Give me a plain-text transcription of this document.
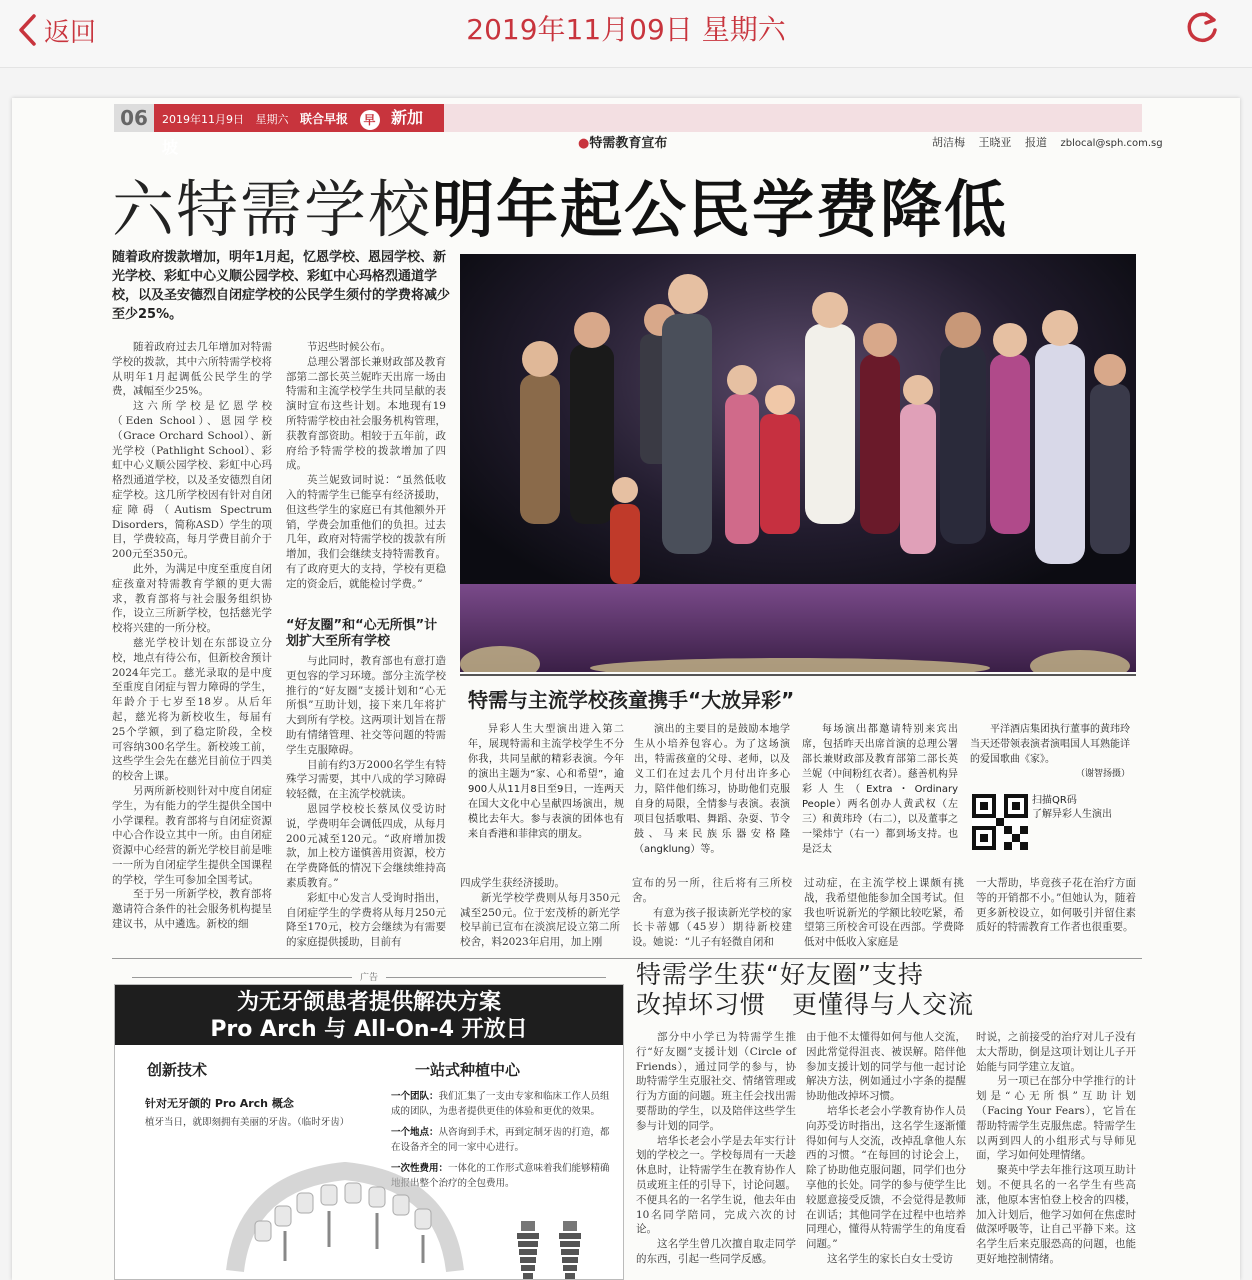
返回	2019年11月09日 星期六
06	2019年11月9日 星期六 联合早报 早 新加坡	●特需教育宣布	胡洁梅 王晓亚 报道 zblocal@sph.com.sg
六特需学校明年起公民学费降低
随着政府拨款增加，明年1月起，忆恩学校、恩园学校、新光学校、彩虹中心义顺公园学校、彩虹中心玛格烈通道学校，以及圣安德烈自闭症学校的公民学生须付的学费将减少至少25%。

随着政府过去几年增加对特需学校的拨款，其中六所特需学校将从明年1月起调低公民学生的学费，减幅至少25%。

这六所学校是忆恩学校（Eden School）、恩园学校（Grace Orchard School）、新光学校（Pathlight School）、彩虹中心义顺公园学校、彩虹中心玛格烈通道学校，以及圣安德烈自闭症学校。这几所学校因有针对自闭症障碍（Autism Spectrum Disorders，简称ASD）学生的项目，学费较高，每月学费目前介于200元至350元。

此外，为满足中度至重度自闭症孩童对特需教育学额的更大需求，教育部将与社会服务组织协作，设立三所新学校，包括慈光学校将兴建的一所分校。

慈光学校计划在东部设立分校，地点有待公布，但新校舍预计2024年完工。慈光录取的是中度至重度自闭症与智力障碍的学生，年龄介于七岁至18岁。从后年起，慈光将为新校收生，每届有25个学额，到了稳定阶段，全校可容纳300名学生。新校竣工前，这些学生会先在慈光目前位于四美的校舍上课。

另两所新校则针对中度自闭症学生，为有能力的学生提供全国中小学课程。教育部将与自闭症资源中心合作设立其中一所。由自闭症资源中心经营的新光学校目前是唯一一所为自闭症学生提供全国课程的学校，学生可参加全国考试。

至于另一所新学校，教育部将邀请符合条件的社会服务机构提呈建议书，从中遴选。新校的细

节迟些时候公布。

总理公署部长兼财政部及教育部第二部长英兰妮昨天出席一场由特需和主流学校学生共同呈献的表演时宣布这些计划。本地现有19所特需学校由社会服务机构管理，获教育部资助。相较于五年前，政府给予特需学校的拨款增加了四成。

英兰妮致词时说：“虽然低收入的特需学生已能享有经济援助，但这些学生的家庭已有其他额外开销，学费会加重他们的负担。过去几年，政府对特需学校的拨款有所增加，我们会继续支持特需教育。有了政府更大的支持，学校有更稳定的资金后，就能检讨学费。”

“好友圈”和“心无所惧”计划扩大至所有学校

与此同时，教育部也有意打造更包容的学习环境。部分主流学校推行的“好友圈”支援计划和“心无所惧”互助计划，接下来几年将扩大到所有学校。这两项计划旨在帮助有情绪管理、社交等问题的特需学生克服障碍。

目前有约3万2000名学生有特殊学习需要，其中八成的学习障碍较轻微，在主流学校就读。

恩园学校校长蔡凤仪受访时说，学费明年会调低四成，从每月200元减至120元。“政府增加拨款，加上校方谨慎善用资源，校方在学费降低的情况下会继续维持高素质教育。”

彩虹中心发言人受询时指出，自闭症学生的学费将从每月250元降至170元，校方会继续为有需要的家庭提供援助，目前有

特需与主流学校孩童携手“大放异彩”

异彩人生大型演出进入第二年，展现特需和主流学校学生不分你我，共同呈献的精彩表演。今年的演出主题为“家、心和希望”，逾900人从11月8日至9日，一连两天在国大文化中心呈献四场演出，规模比去年大。参与表演的团体也有来自香港和菲律宾的朋友。

演出的主要目的是鼓励本地学生从小培养包容心。为了这场演出，特需孩童的父母、老师，以及义工们在过去几个月付出许多心力，陪伴他们练习，协助他们克服自身的局限，全情参与表演。表演项目包括歌唱、舞蹈、杂耍、节令鼓、马来民族乐器安格隆（angklung）等。

每场演出都邀请特别来宾出席，包括昨天出席首演的总理公署部长兼财政部及教育部第二部长英兰妮（中间粉红衣者）。慈善机构异彩人生（Extra・Ordinary People）两名创办人黄武权（左三）和黄玮玲（右二），以及董事之一梁炜宁（右一）都到场支持。也是泛太

平洋酒店集团执行董事的黄玮玲当天还带领表演者演唱国人耳熟能详的爱国歌曲《家》。

（谢智扬摄）
扫描QR码
了解异彩人生演出

四成学生获经济援助。

新光学校学费则从每月350元减至250元。位于宏茂桥的新光学校早前已宣布在淡滨尼设立第二所校舍，料2023年启用，加上刚

宣布的另一所，往后将有三所校舍。

有意为孩子报读新光学校的家长卡蒂娜（45岁）期待新校建设。她说：“儿子有轻微自闭和

过动症，在主流学校上课颇有挑战，我希望他能参加全国考试。但我也听说新光的学额比较吃紧，希望第三所校舍可设在西部。学费降低对中低收入家庭是

一大帮助，毕竟孩子花在治疗方面等的开销都不小。”但她认为，随着更多新校设立，如何吸引并留住素质好的特需教育工作者也很重要。

广告
为无牙颌患者提供解决方案
Pro Arch 与 All-On-4 开放日
创新技术
针对无牙颌的 Pro Arch 概念
植牙当日，就即刻拥有美丽的牙齿。（临时牙齿）
一站式种植中心
一个团队：我们汇集了一支由专家和临床工作人员组成的团队，为患者提供更佳的体验和更优的效果。
一个地点：从咨询到手术，再到定制牙齿的打造，都在设备齐全的同一家中心进行。
一次性费用：一体化的工作形式意味着我们能够精确地报出整个治疗的全包费用。
特需学生获“好友圈”支持
改掉坏习惯　更懂得与人交流

部分中小学已为特需学生推行“好友圈”支援计划（Circle of Friends），通过同学的参与，协助特需学生克服社交、情绪管理或行为方面的问题。班主任会找出需要帮助的学生，以及陪伴这些学生参与计划的同学。

培华长老会小学是去年实行计划的学校之一。学校每周有一天趁休息时，让特需学生在教育协作人员或班主任的引导下，讨论问题。不便具名的一名学生说，他去年由10名同学陪同，完成六次的讨论。

这名学生曾几次擅自取走同学的东西，引起一些同学反感。

由于他不太懂得如何与他人交流，因此常觉得沮丧、被误解。陪伴他参加支援计划的同学与他一起讨论解决方法，例如通过小字条的提醒协助他改掉坏习惯。

培华长老会小学教育协作人员向苏受访时指出，这名学生逐渐懂得如何与人交流，改掉乱拿他人东西的习惯。“在每回的讨论会上，除了协助他克服问题，同学们也分享他的长处。同学的参与使学生比较愿意接受反馈，不会觉得是教师在训话；其他同学在过程中也培养同理心，懂得从特需学生的角度看问题。”

这名学生的家长白女士受访

时说，之前接受的治疗对儿子没有太大帮助，倒是这项计划让儿子开始能与同学建立友谊。

另一项已在部分中学推行的计划是“心无所惧”互助计划（Facing Your Fears），它旨在帮助特需学生克服焦虑。特需学生以两到四人的小组形式与导师见面，学习如何处理情绪。

聚英中学去年推行这项互助计划。不便具名的一名学生有些高涨，他原本害怕登上校舍的四楼，加入计划后，他学习如何在焦虑时做深呼吸等，让自己平静下来。这名学生后来克服恐高的问题，也能更好地控制情绪。
